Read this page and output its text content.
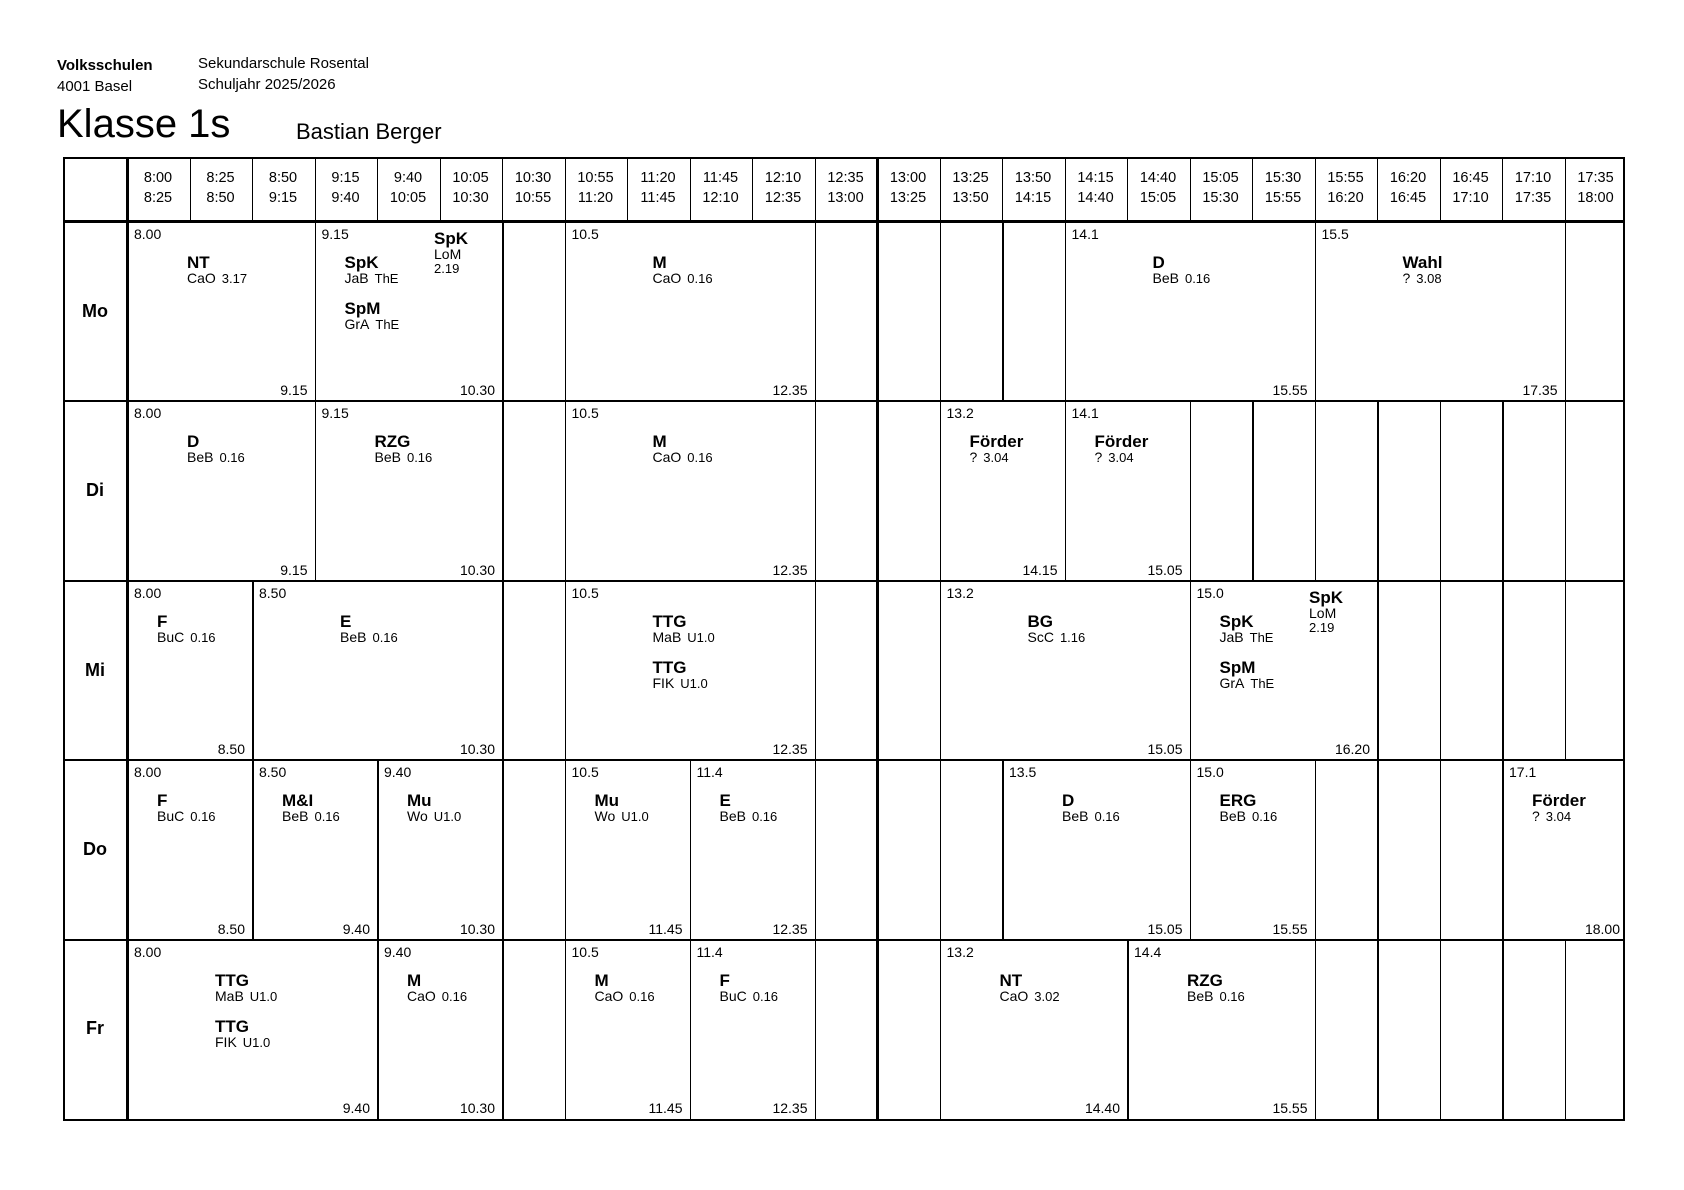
Volksschulen
4001 Basel
Sekundarschule Rosental
Schuljahr 2025/2026
Klasse 1s	Bastian Berger
8:00
8:25
8:25
8:50
8:50
9:15
9:15
9:40
9:40
10:05
10:05
10:30
10:30
10:55
10:55
11:20
11:20
11:45
11:45
12:10
12:10
12:35
12:35
13:00
13:00
13:25
13:25
13:50
13:50
14:15
14:15
14:40
14:40
15:05
15:05
15:30
15:30
15:55
15:55
16:20
16:20
16:45
16:45
17:10
17:10
17:35
17:35
18:00
Mo
Di
Mi
Do
Fr
8.00
9.15
NT
CaO 3.17
9.15
10.30
SpK
JaB ThE
SpM
GrA ThE
SpK
LoM
2.19
10.5
12.35
M
CaO 0.16
14.1
15.55
D
BeB 0.16
15.5
17.35
Wahl
? 3.08
8.00
9.15
D
BeB 0.16
9.15
10.30
RZG
BeB 0.16
10.5
12.35
M
CaO 0.16
13.2
14.15
Förder
? 3.04
14.1
15.05
Förder
? 3.04
8.00
8.50
F
BuC 0.16
8.50
10.30
E
BeB 0.16
10.5
12.35
TTG
MaB U1.0
TTG
FIK U1.0
13.2
15.05
BG
ScC 1.16
15.0
16.20
SpK
JaB ThE
SpM
GrA ThE
SpK
LoM
2.19
8.00
8.50
F
BuC 0.16
8.50
9.40
M&I
BeB 0.16
9.40
10.30
Mu
Wo U1.0
10.5
11.45
Mu
Wo U1.0
11.4
12.35
E
BeB 0.16
13.5
15.05
D
BeB 0.16
15.0
15.55
ERG
BeB 0.16
17.1
18.00
Förder
? 3.04
8.00
9.40
TTG
MaB U1.0
TTG
FIK U1.0
9.40
10.30
M
CaO 0.16
10.5
11.45
M
CaO 0.16
11.4
12.35
F
BuC 0.16
13.2
14.40
NT
CaO 3.02
14.4
15.55
RZG
BeB 0.16
